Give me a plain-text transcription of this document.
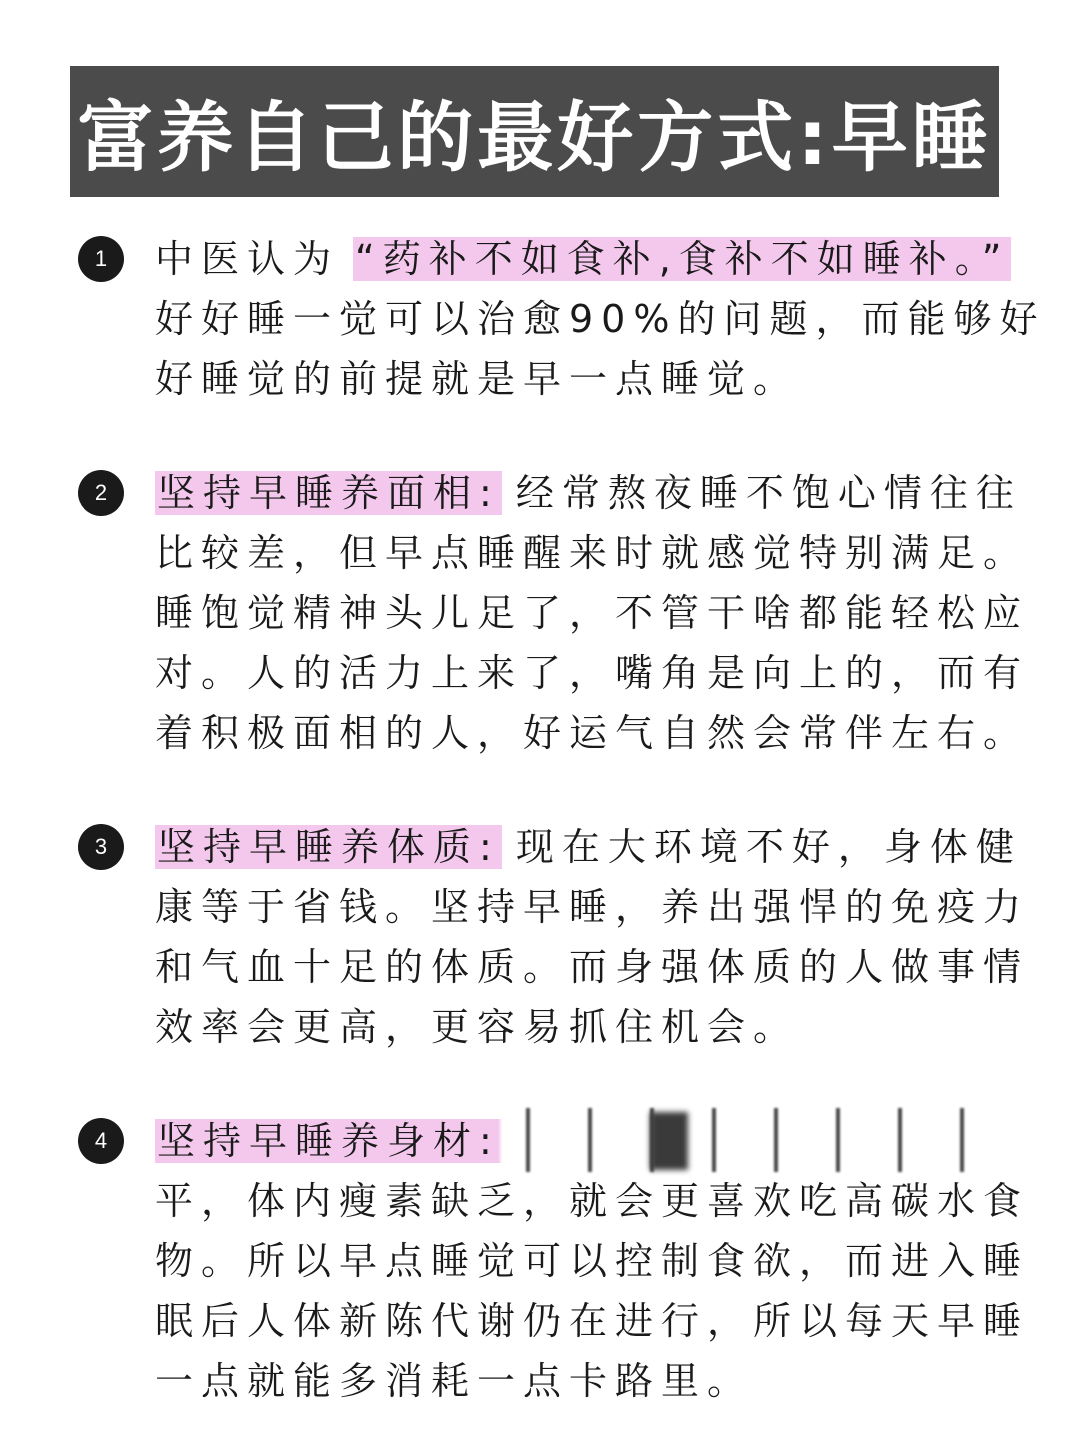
富养自己的最好方式:早睡
1	中医认为 “药补不如食补,食补不如睡补。”
好好睡一觉可以治愈90%的问题，而能够好
好睡觉的前提就是早一点睡觉。
2	坚持早睡养面相: 经常熬夜睡不饱心情往往
比较差，但早点睡醒来时就感觉特别满足。
睡饱觉精神头儿足了，不管干啥都能轻松应
对。人的活力上来了，嘴角是向上的，而有
着积极面相的人，好运气自然会常伴左右。
3	坚持早睡养体质: 现在大环境不好，身体健
康等于省钱。坚持早睡，养出强悍的免疫力
和气血十足的体质。而身强体质的人做事情
效率会更高，更容易抓住机会。
4	坚持早睡养身材:
平，体内瘦素缺乏，就会更喜欢吃高碳水食
物。所以早点睡觉可以控制食欲，而进入睡
眠后人体新陈代谢仍在进行，所以每天早睡
一点就能多消耗一点卡路里。
